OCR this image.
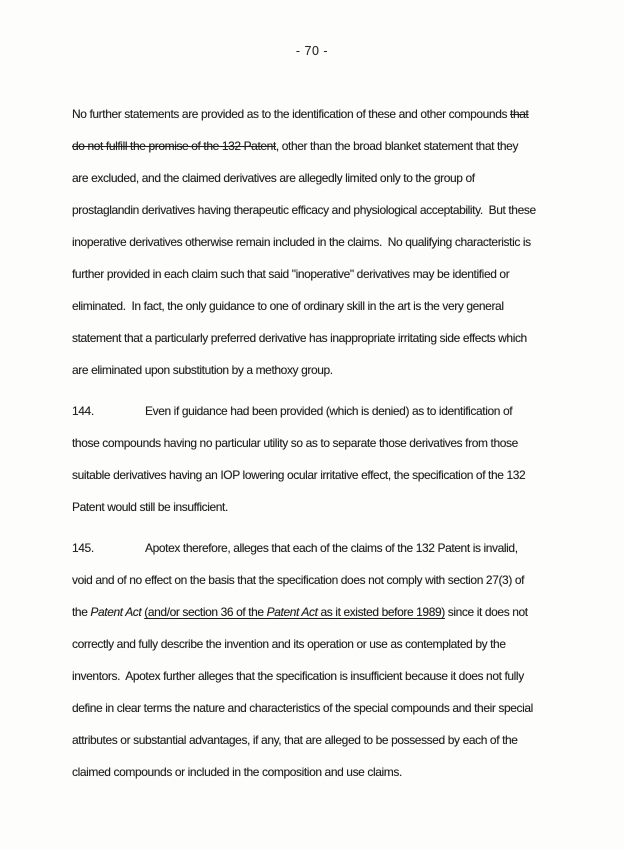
- 70 -
No further statements are provided as to the identification of these and other compounds that
do not fulfill the promise of the 132 Patent, other than the broad blanket statement that they
are excluded, and the claimed derivatives are allegedly limited only to the group of
prostaglandin derivatives having therapeutic efficacy and physiological acceptability.  But these
inoperative derivatives otherwise remain included in the claims.  No qualifying characteristic is
further provided in each claim such that said "inoperative" derivatives may be identified or
eliminated.  In fact, the only guidance to one of ordinary skill in the art is the very general
statement that a particularly preferred derivative has inappropriate irritating side effects which
are eliminated upon substitution by a methoxy group.
144.	Even if guidance had been provided (which is denied) as to identification of
those compounds having no particular utility so as to separate those derivatives from those
suitable derivatives having an IOP lowering ocular irritative effect, the specification of the 132
Patent would still be insufficient.
145.	Apotex therefore, alleges that each of the claims of the 132 Patent is invalid,
void and of no effect on the basis that the specification does not comply with section 27(3) of
the Patent Act (and/or section 36 of the Patent Act as it existed before 1989) since it does not
correctly and fully describe the invention and its operation or use as contemplated by the
inventors.  Apotex further alleges that the specification is insufficient because it does not fully
define in clear terms the nature and characteristics of the special compounds and their special
attributes or substantial advantages, if any, that are alleged to be possessed by each of the
claimed compounds or included in the composition and use claims.
